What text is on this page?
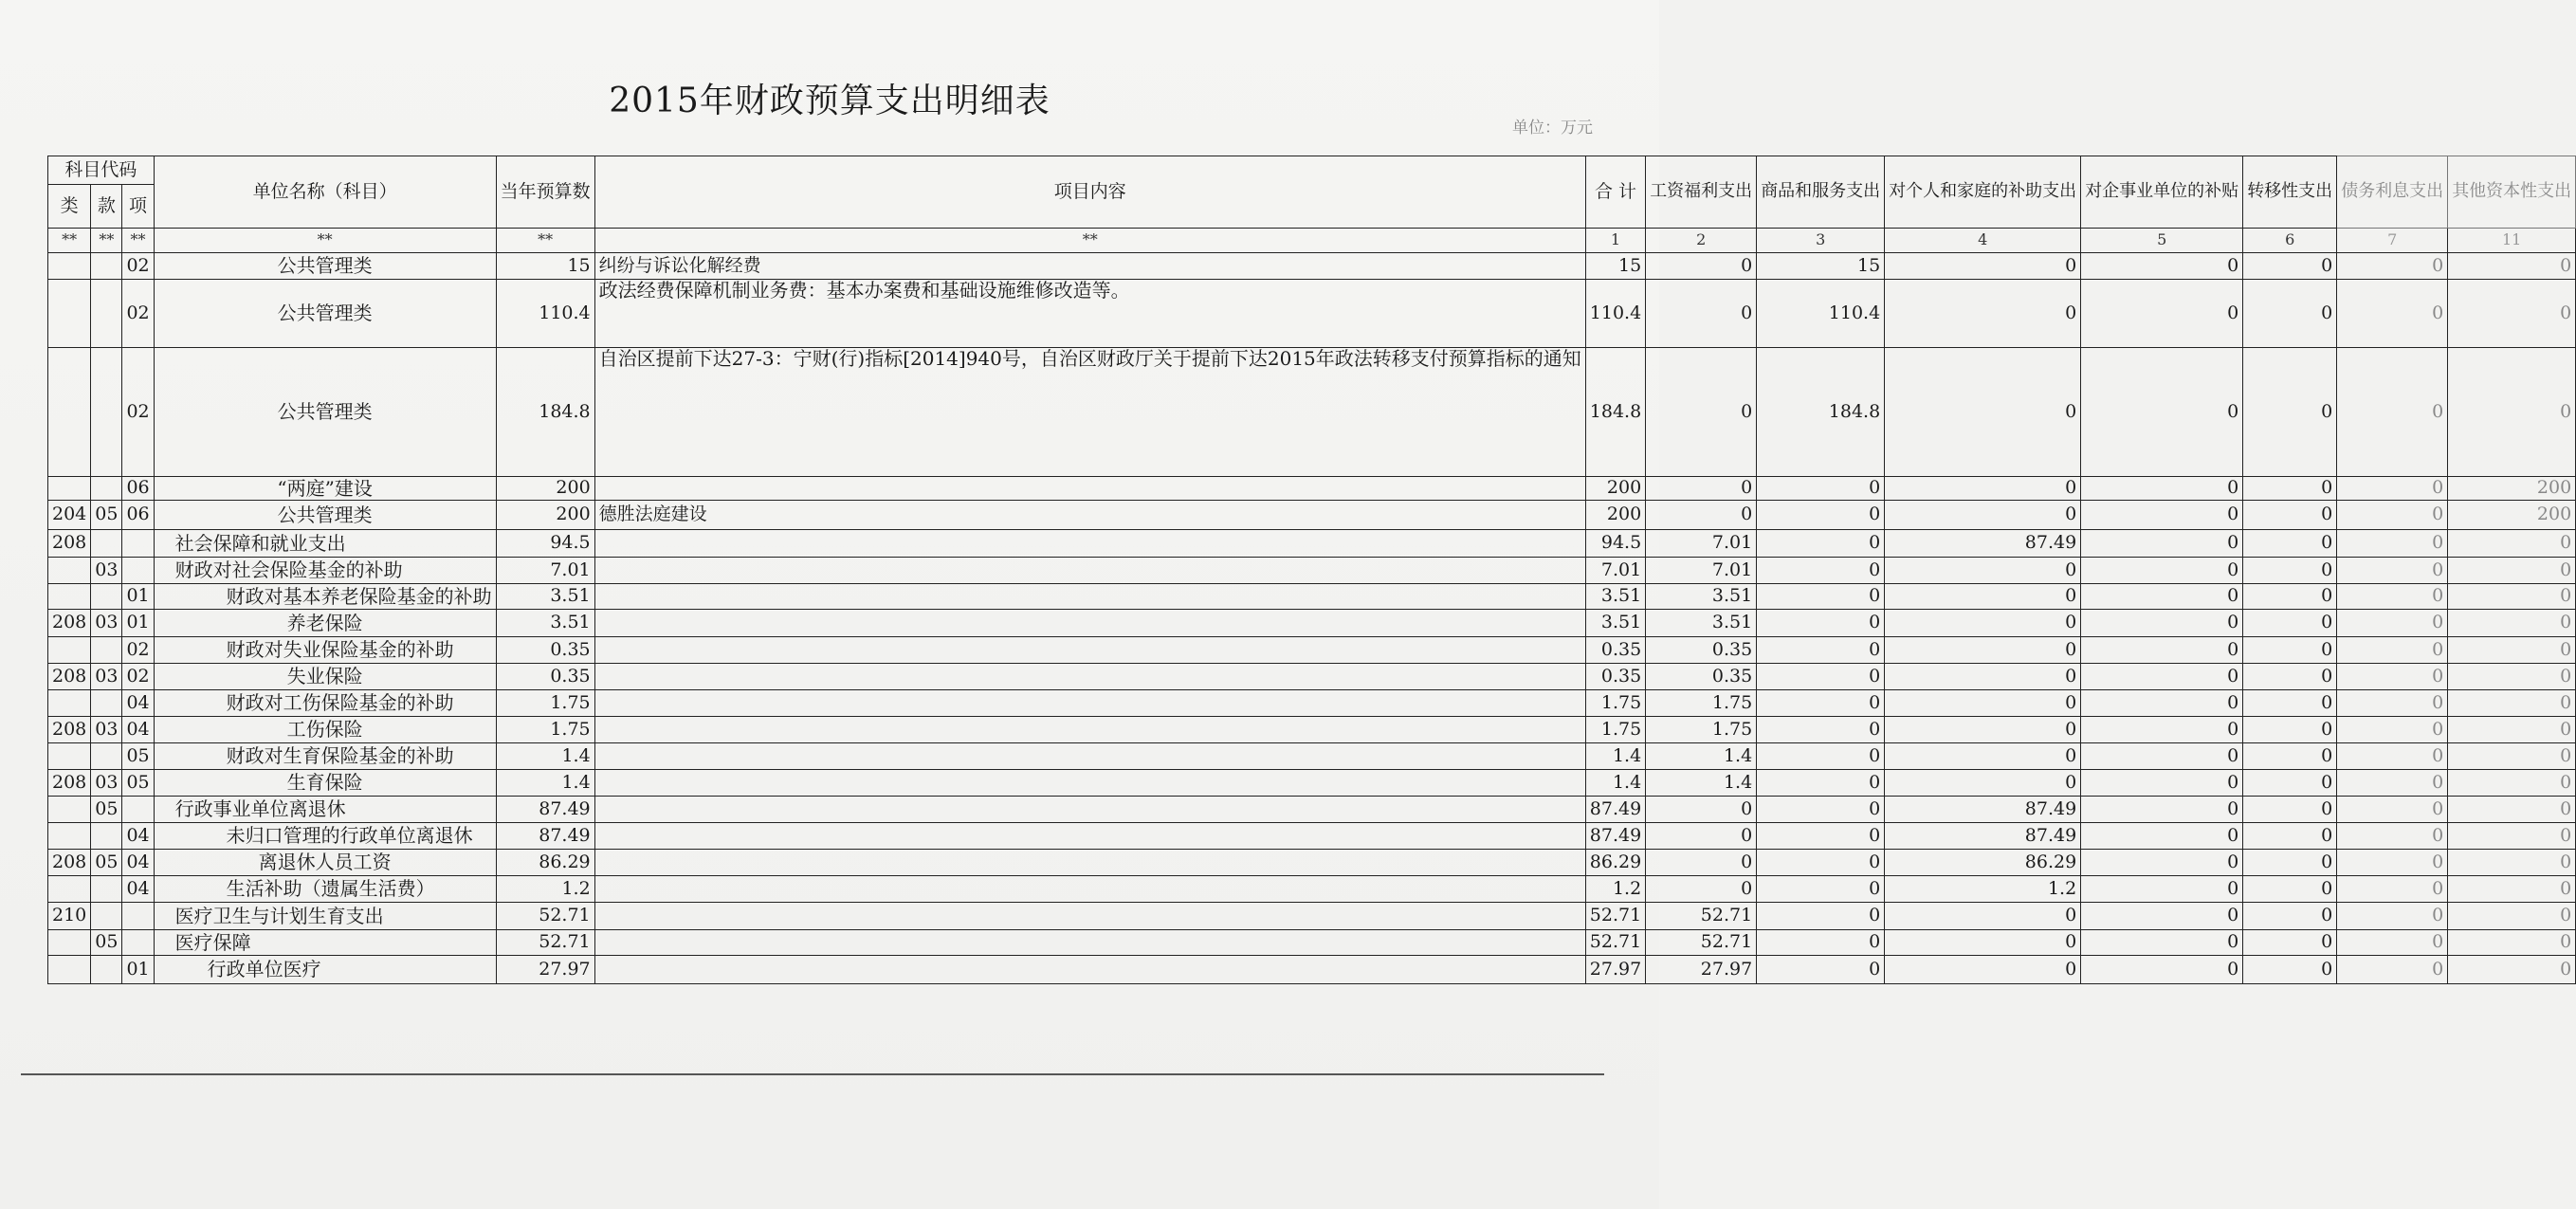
2015年财政预算支出明细表
单位：万元
科目代码			单位名称（科目）	当年预算数	项目内容	合 计	工资福利支出	商品和服务支出	对个人和家庭的补助支出	对企事业单位的补贴	转移性支出	债务利息支出	其他资本性支出
类	款	项											
**	**	**	**	**	**	1	2	3	4	5	6	7	11
		02	公共管理类	15	纠纷与诉讼化解经费	15	0	15	0	0	0	0	0
		02	公共管理类	110.4	政法经费保障机制业务费：基本办案费和基础设施维修改造等。	110.4	0	110.4	0	0	0	0	0
		02	公共管理类	184.8	自治区提前下达27-3：宁财(行)指标[2014]940号，自治区财政厅关于提前下达2015年政法转移支付预算指标的通知	184.8	0	184.8	0	0	0	0	0
		06	“两庭”建设	200		200	0	0	0	0	0	0	200
204	05	06	公共管理类	200	德胜法庭建设	200	0	0	0	0	0	0	200
208			社会保障和就业支出	94.5		94.5	7.01	0	87.49	0	0	0	0
	03		财政对社会保险基金的补助	7.01		7.01	7.01	0	0	0	0	0	0
		01	财政对基本养老保险基金的补助	3.51		3.51	3.51	0	0	0	0	0	0
208	03	01	养老保险	3.51		3.51	3.51	0	0	0	0	0	0
		02	财政对失业保险基金的补助	0.35		0.35	0.35	0	0	0	0	0	0
208	03	02	失业保险	0.35		0.35	0.35	0	0	0	0	0	0
		04	财政对工伤保险基金的补助	1.75		1.75	1.75	0	0	0	0	0	0
208	03	04	工伤保险	1.75		1.75	1.75	0	0	0	0	0	0
		05	财政对生育保险基金的补助	1.4		1.4	1.4	0	0	0	0	0	0
208	03	05	生育保险	1.4		1.4	1.4	0	0	0	0	0	0
	05		行政事业单位离退休	87.49		87.49	0	0	87.49	0	0	0	0
		04	未归口管理的行政单位离退休	87.49		87.49	0	0	87.49	0	0	0	0
208	05	04	离退休人员工资	86.29		86.29	0	0	86.29	0	0	0	0
		04	生活补助（遗属生活费）	1.2		1.2	0	0	1.2	0	0	0	0
210			医疗卫生与计划生育支出	52.71		52.71	52.71	0	0	0	0	0	0
	05		医疗保障	52.71		52.71	52.71	0	0	0	0	0	0
		01	行政单位医疗	27.97		27.97	27.97	0	0	0	0	0	0
